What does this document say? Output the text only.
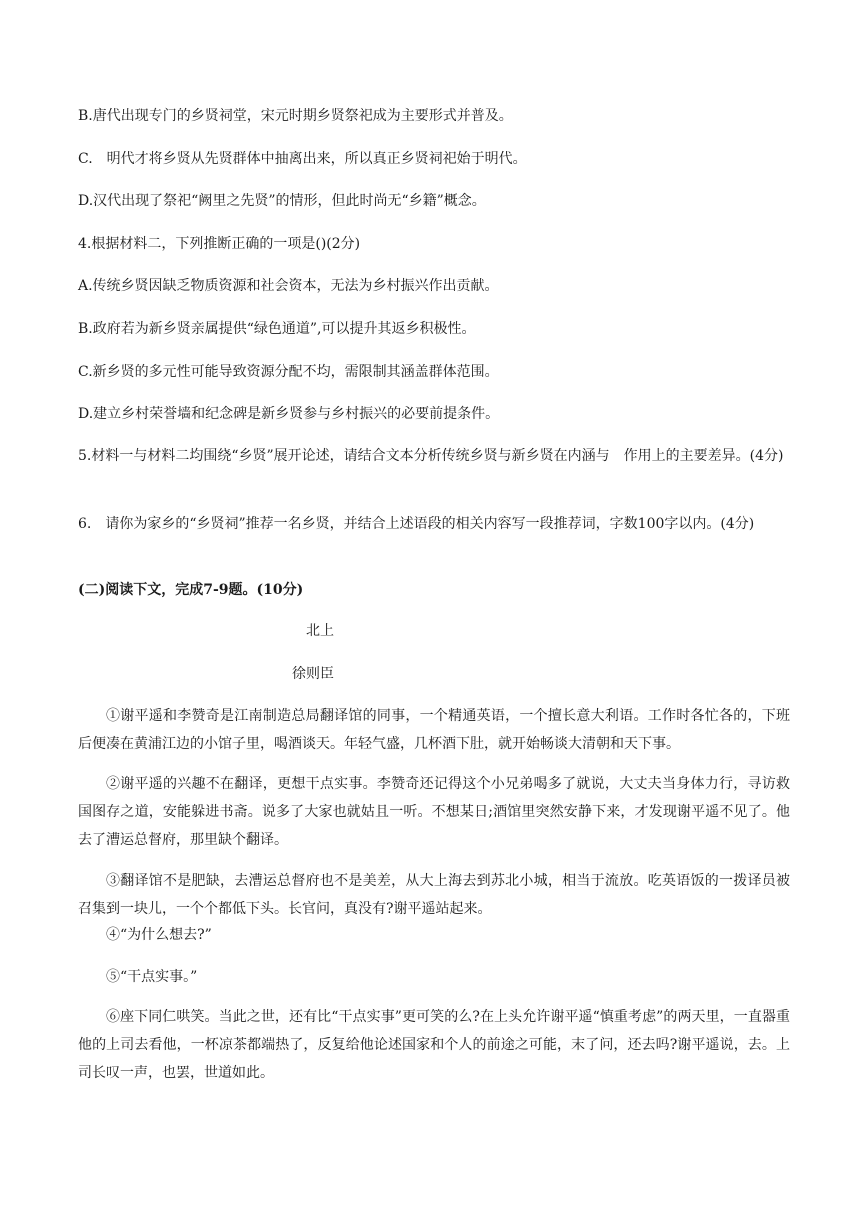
B.唐代出现专门的乡贤祠堂，宋元时期乡贤祭祀成为主要形式并普及。
C.　明代才将乡贤从先贤群体中抽离出来，所以真正乡贤祠祀始于明代。
D.汉代出现了祭祀“阙里之先贤”的情形，但此时尚无“乡籍”概念。
4.根据材料二，下列推断正确的一项是()(2分)
A.传统乡贤因缺乏物质资源和社会资本，无法为乡村振兴作出贡献。
B.政府若为新乡贤亲属提供“绿色通道”,可以提升其返乡积极性。
C.新乡贤的多元性可能导致资源分配不均，需限制其涵盖群体范围。
D.建立乡村荣誉墙和纪念碑是新乡贤参与乡村振兴的必要前提条件。
5.材料一与材料二均围绕“乡贤”展开论述，请结合文本分析传统乡贤与新乡贤在内涵与　作用上的主要差异。(4分)
6.　请你为家乡的“乡贤祠”推荐一名乡贤，并结合上述语段的相关内容写一段推荐词，字数100字以内。(4分)
(二)阅读下文，完成7-9题。(10分)
北上
徐则臣
①谢平遥和李赞奇是江南制造总局翻译馆的同事，一个精通英语，一个擅长意大利语。工作时各忙各的，下班后便凑在黄浦江边的小馆子里，喝酒谈天。年轻气盛，几杯酒下肚，就开始畅谈大清朝和天下事。
②谢平遥的兴趣不在翻译，更想干点实事。李赞奇还记得这个小兄弟喝多了就说，大丈夫当身体力行，寻访救国图存之道，安能躲进书斋。说多了大家也就姑且一听。不想某日;酒馆里突然安静下来，才发现谢平遥不见了。他去了漕运总督府，那里缺个翻译。
③翻译馆不是肥缺，去漕运总督府也不是美差，从大上海去到苏北小城，相当于流放。吃英语饭的一拨译员被召集到一块儿，一个个都低下头。长官问，真没有?谢平遥站起来。
④“为什么想去?”
⑤“干点实事。”
⑥座下同仁哄笑。当此之世，还有比“干点实事”更可笑的么?在上头允许谢平遥“慎重考虑”的两天里，一直器重他的上司去看他，一杯凉茶都端热了，反复给他论述国家和个人的前途之可能，末了问，还去吗?谢平遥说，去。上司长叹一声，也罢，世道如此。
